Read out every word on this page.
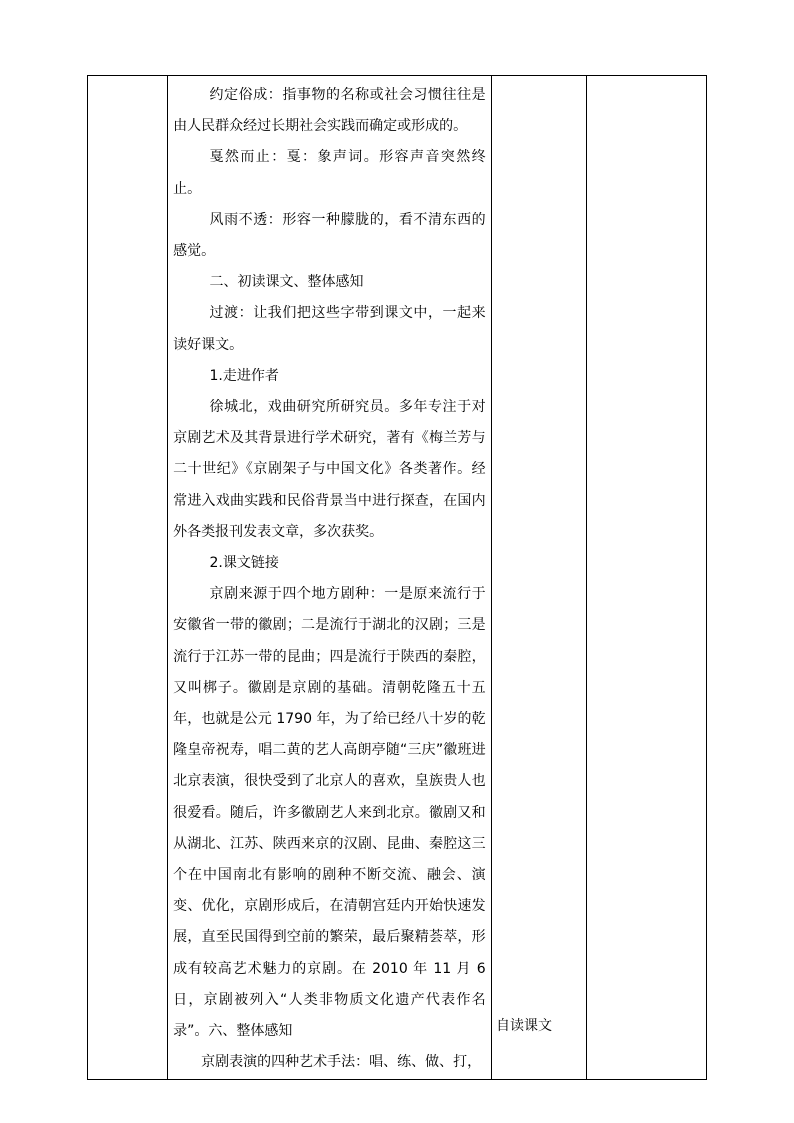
约定俗成：指事物的名称或社会习惯往往是由人民群众经过长期社会实践而确定或形成的。

戛然而止：戛：象声词。形容声音突然终止。

风雨不透：形容一种朦胧的，看不清东西的感觉。

二、初读课文、整体感知

过渡：让我们把这些字带到课文中，一起来读好课文。

1.走进作者

徐城北，戏曲研究所研究员。多年专注于对京剧艺术及其背景进行学术研究，著有《梅兰芳与二十世纪》《京剧架子与中国文化》各类著作。经常进入戏曲实践和民俗背景当中进行探查，在国内外各类报刊发表文章，多次获奖。

2.课文链接

京剧来源于四个地方剧种：一是原来流行于安徽省一带的徽剧；二是流行于湖北的汉剧；三是流行于江苏一带的昆曲；四是流行于陕西的秦腔，又叫梆子。徽剧是京剧的基础。清朝乾隆五十五年，也就是公元 1790 年，为了给已经八十岁的乾隆皇帝祝寿，唱二黄的艺人高朗亭随“三庆”徽班进北京表演，很快受到了北京人的喜欢，皇族贵人也很爱看。随后，许多徽剧艺人来到北京。徽剧又和从湖北、江苏、陕西来京的汉剧、昆曲、秦腔这三个在中国南北有影响的剧种不断交流、融会、演变、优化，京剧形成后，在清朝宫廷内开始快速发展，直至民国得到空前的繁荣，最后聚精荟萃，形成有较高艺术魅力的京剧。在 2010 年 11 月 6 日，京剧被列入“人类非物质文化遗产代表作名录”。六、整体感知

京剧表演的四种艺术手法：唱、练、做、打，

自读课文
